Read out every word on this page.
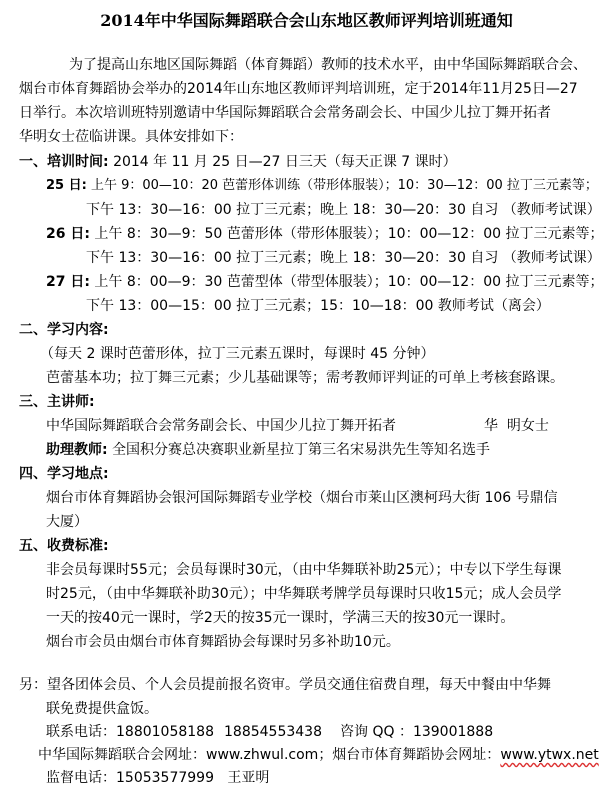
2014年中华国际舞蹈联合会山东地区教师评判培训班通知
为了提高山东地区国际舞蹈（体育舞蹈）教师的技术水平，由中华国际舞蹈联合会、
烟台市体育舞蹈协会举办的2014年山东地区教师评判培训班，定于2014年11月25日—27
日举行。本次培训班特别邀请中华国际舞蹈联合会常务副会长、中国少儿拉丁舞开拓者
华明女士莅临讲课。具体安排如下：
一、培训时间: 2014 年 11 月 25 日—27 日三天（每天正课 7 课时）
25 日: 上午 9：00—10：20 芭蕾形体训练（带形体服装）；10：30—12：00 拉丁三元素等；
下午 13：30—16：00 拉丁三元素；晚上 18：30—20：30 自习 （教师考试课）
26 日: 上午 8：30—9：50 芭蕾形体（带形体服装）；10：00—12：00 拉丁三元素等；
下午 13：30—16：00 拉丁三元素；晚上 18：30—20：30 自习 （教师考试课）
27 日: 上午 8：00—9：30 芭蕾型体（带型体服装）；10：00—12：00 拉丁三元素等；
下午 13：00—15：00 拉丁三元素；15：10—18：00 教师考试（离会）
二、学习内容:
（每天 2 课时芭蕾形体，拉丁三元素五课时，每课时 45 分钟）
芭蕾基本功；拉丁舞三元素；少儿基础课等；需考教师评判证的可单上考核套路课。
三、主讲师:
中华国际舞蹈联合会常务副会长、中国少儿拉丁舞开拓者	华  明女士
助理教师: 全国积分赛总决赛职业新星拉丁第三名宋易洪先生等知名选手
四、学习地点:
烟台市体育舞蹈协会银河国际舞蹈专业学校（烟台市莱山区澳柯玛大街 106 号鼎信
大厦）
五、收费标准:
非会员每课时55元；会员每课时30元，（由中华舞联补助25元）；中专以下学生每课
时25元，（由中华舞联补助30元）；中华舞联考牌学员每课时只收15元；成人会员学
一天的按40元一课时，学2天的按35元一课时，学满三天的按30元一课时。
烟台市会员由烟台市体育舞蹈协会每课时另多补助10元。
另：望各团体会员、个人会员提前报名资审。学员交通住宿费自理，每天中餐由中华舞
联免费提供盒饭。
联系电话：18801058188 18854553438 咨询 QQ ：139001888
中华国际舞蹈联合会网址：www.zhwul.com；烟台市体育舞蹈协会网址：www.ytwx.net
监督电话：15053577999 王亚明
